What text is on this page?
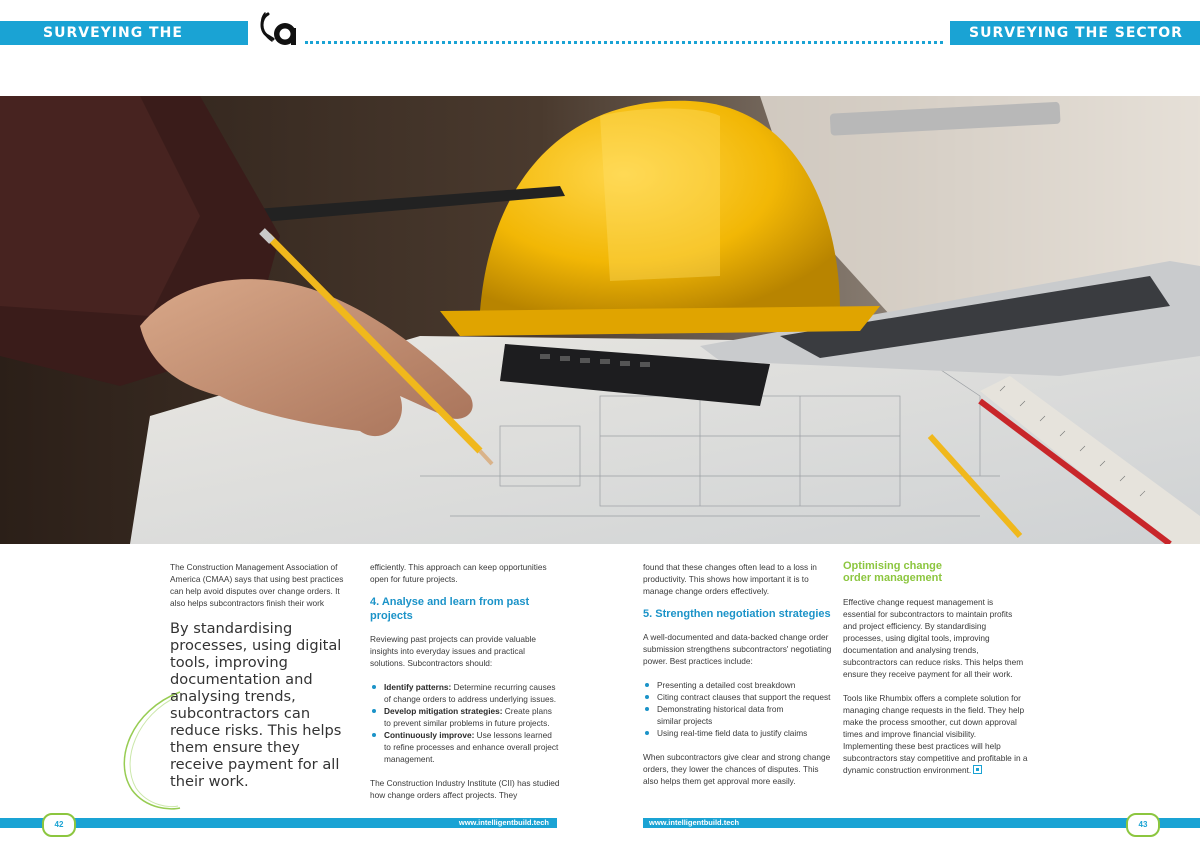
SURVEYING THE SECTOR
SURVEYING THE SECTOR

The Construction Management Association of America (CMAA) says that using best practices can help avoid disputes over change orders. It also helps subcontractors finish their work

By standardising processes, using digital tools, improving documentation and analysing trends, subcontractors can reduce risks. This helps them ensure they receive payment for all their work.

efficiently. This approach can keep opportunities open for future projects.

4. Analyse and learn from past projects

Reviewing past projects can provide valuable insights into everyday issues and practical solutions. Subcontractors should:

Identify patterns: Determine recurring causes of change orders to address underlying issues.
Develop mitigation strategies: Create plans to prevent similar problems in future projects.
Continuously improve: Use lessons learned to refine processes and enhance overall project management.

The Construction Industry Institute (CII) has studied how change orders affect projects. They

found that these changes often lead to a loss in productivity. This shows how important it is to manage change orders effectively.

5. Strengthen negotiation strategies

A well-documented and data-backed change order submission strengthens subcontractors' negotiating power. Best practices include:

Presenting a detailed cost breakdown
Citing contract clauses that support the request
Demonstrating historical data from similar projects
Using real-time field data to justify claims

When subcontractors give clear and strong change orders, they lower the chances of disputes. This also helps them get approval more easily.

Optimising change
order management

Effective change request management is essential for subcontractors to maintain profits and project efficiency. By standardising processes, using digital tools, improving documentation and analysing trends, subcontractors can reduce risks. This helps them ensure they receive payment for all their work.

Tools like Rhumbix offers a complete solution for managing change requests in the field. They help make the process smoother, cut down approval times and improve financial visibility. Implementing these best practices will help subcontractors stay competitive and profitable in a dynamic construction environment.

www.intelligentbuild.tech	www.intelligentbuild.tech
42	43
